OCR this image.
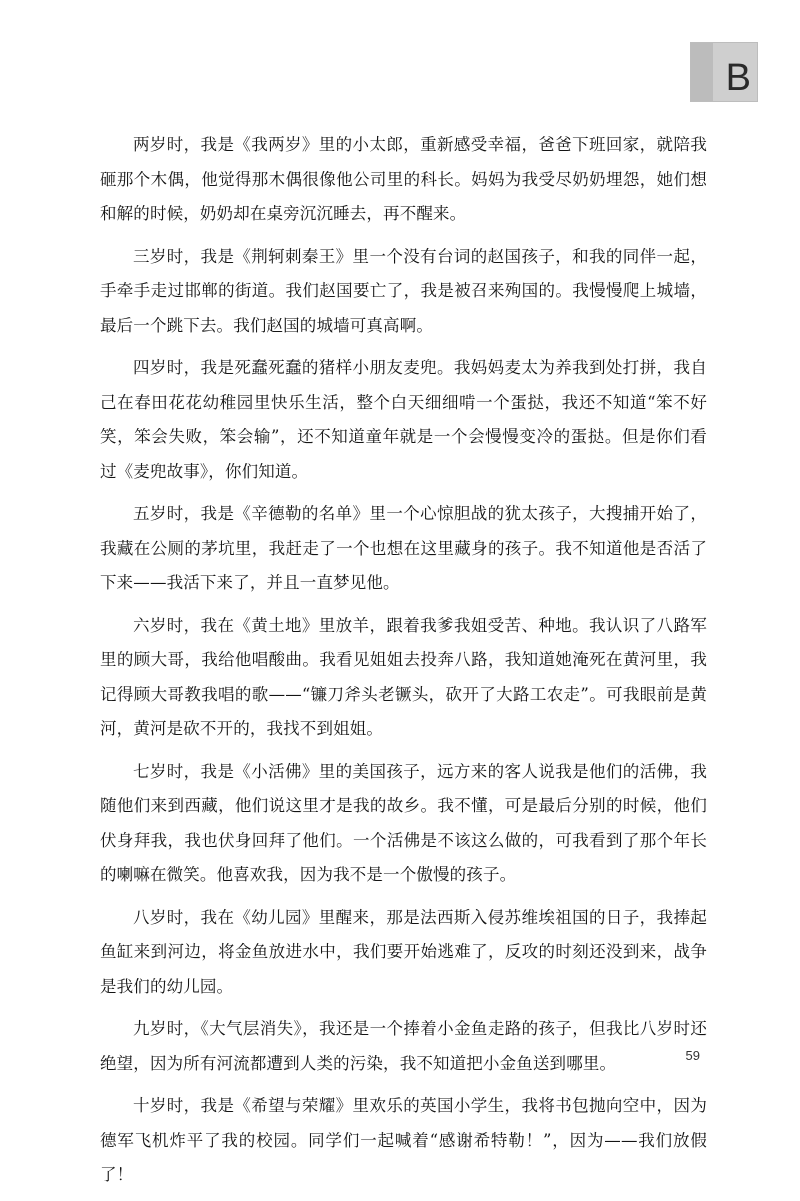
B

两岁时，我是《我两岁》里的小太郎，重新感受幸福，爸爸下班回家，就陪我砸那个木偶，他觉得那木偶很像他公司里的科长。妈妈为我受尽奶奶埋怨，她们想和解的时候，奶奶却在桌旁沉沉睡去，再不醒来。

三岁时，我是《荆轲刺秦王》里一个没有台词的赵国孩子，和我的同伴一起，手牵手走过邯郸的街道。我们赵国要亡了，我是被召来殉国的。我慢慢爬上城墙，最后一个跳下去。我们赵国的城墙可真高啊。

四岁时，我是死蠢死蠢的猪样小朋友麦兜。我妈妈麦太为养我到处打拼，我自己在春田花花幼稚园里快乐生活，整个白天细细啃一个蛋挞，我还不知道“笨不好笑，笨会失败，笨会输”，还不知道童年就是一个会慢慢变冷的蛋挞。但是你们看过《麦兜故事》，你们知道。

五岁时，我是《辛德勒的名单》里一个心惊胆战的犹太孩子，大搜捕开始了，我藏在公厕的茅坑里，我赶走了一个也想在这里藏身的孩子。我不知道他是否活了下来——我活下来了，并且一直梦见他。

六岁时，我在《黄土地》里放羊，跟着我爹我姐受苦、种地。我认识了八路军里的顾大哥，我给他唱酸曲。我看见姐姐去投奔八路，我知道她淹死在黄河里，我记得顾大哥教我唱的歌——“镰刀斧头老镢头，砍开了大路工农走”。可我眼前是黄河，黄河是砍不开的，我找不到姐姐。

七岁时，我是《小活佛》里的美国孩子，远方来的客人说我是他们的活佛，我随他们来到西藏，他们说这里才是我的故乡。我不懂，可是最后分别的时候，他们伏身拜我，我也伏身回拜了他们。一个活佛是不该这么做的，可我看到了那个年长的喇嘛在微笑。他喜欢我，因为我不是一个傲慢的孩子。

八岁时，我在《幼儿园》里醒来，那是法西斯入侵苏维埃祖国的日子，我捧起鱼缸来到河边，将金鱼放进水中，我们要开始逃难了，反攻的时刻还没到来，战争是我们的幼儿园。

九岁时，《大气层消失》，我还是一个捧着小金鱼走路的孩子，但我比八岁时还绝望，因为所有河流都遭到人类的污染，我不知道把小金鱼送到哪里。

十岁时，我是《希望与荣耀》里欢乐的英国小学生，我将书包抛向空中，因为德军飞机炸平了我的校园。同学们一起喊着“感谢希特勒！”，因为——我们放假了！

59
